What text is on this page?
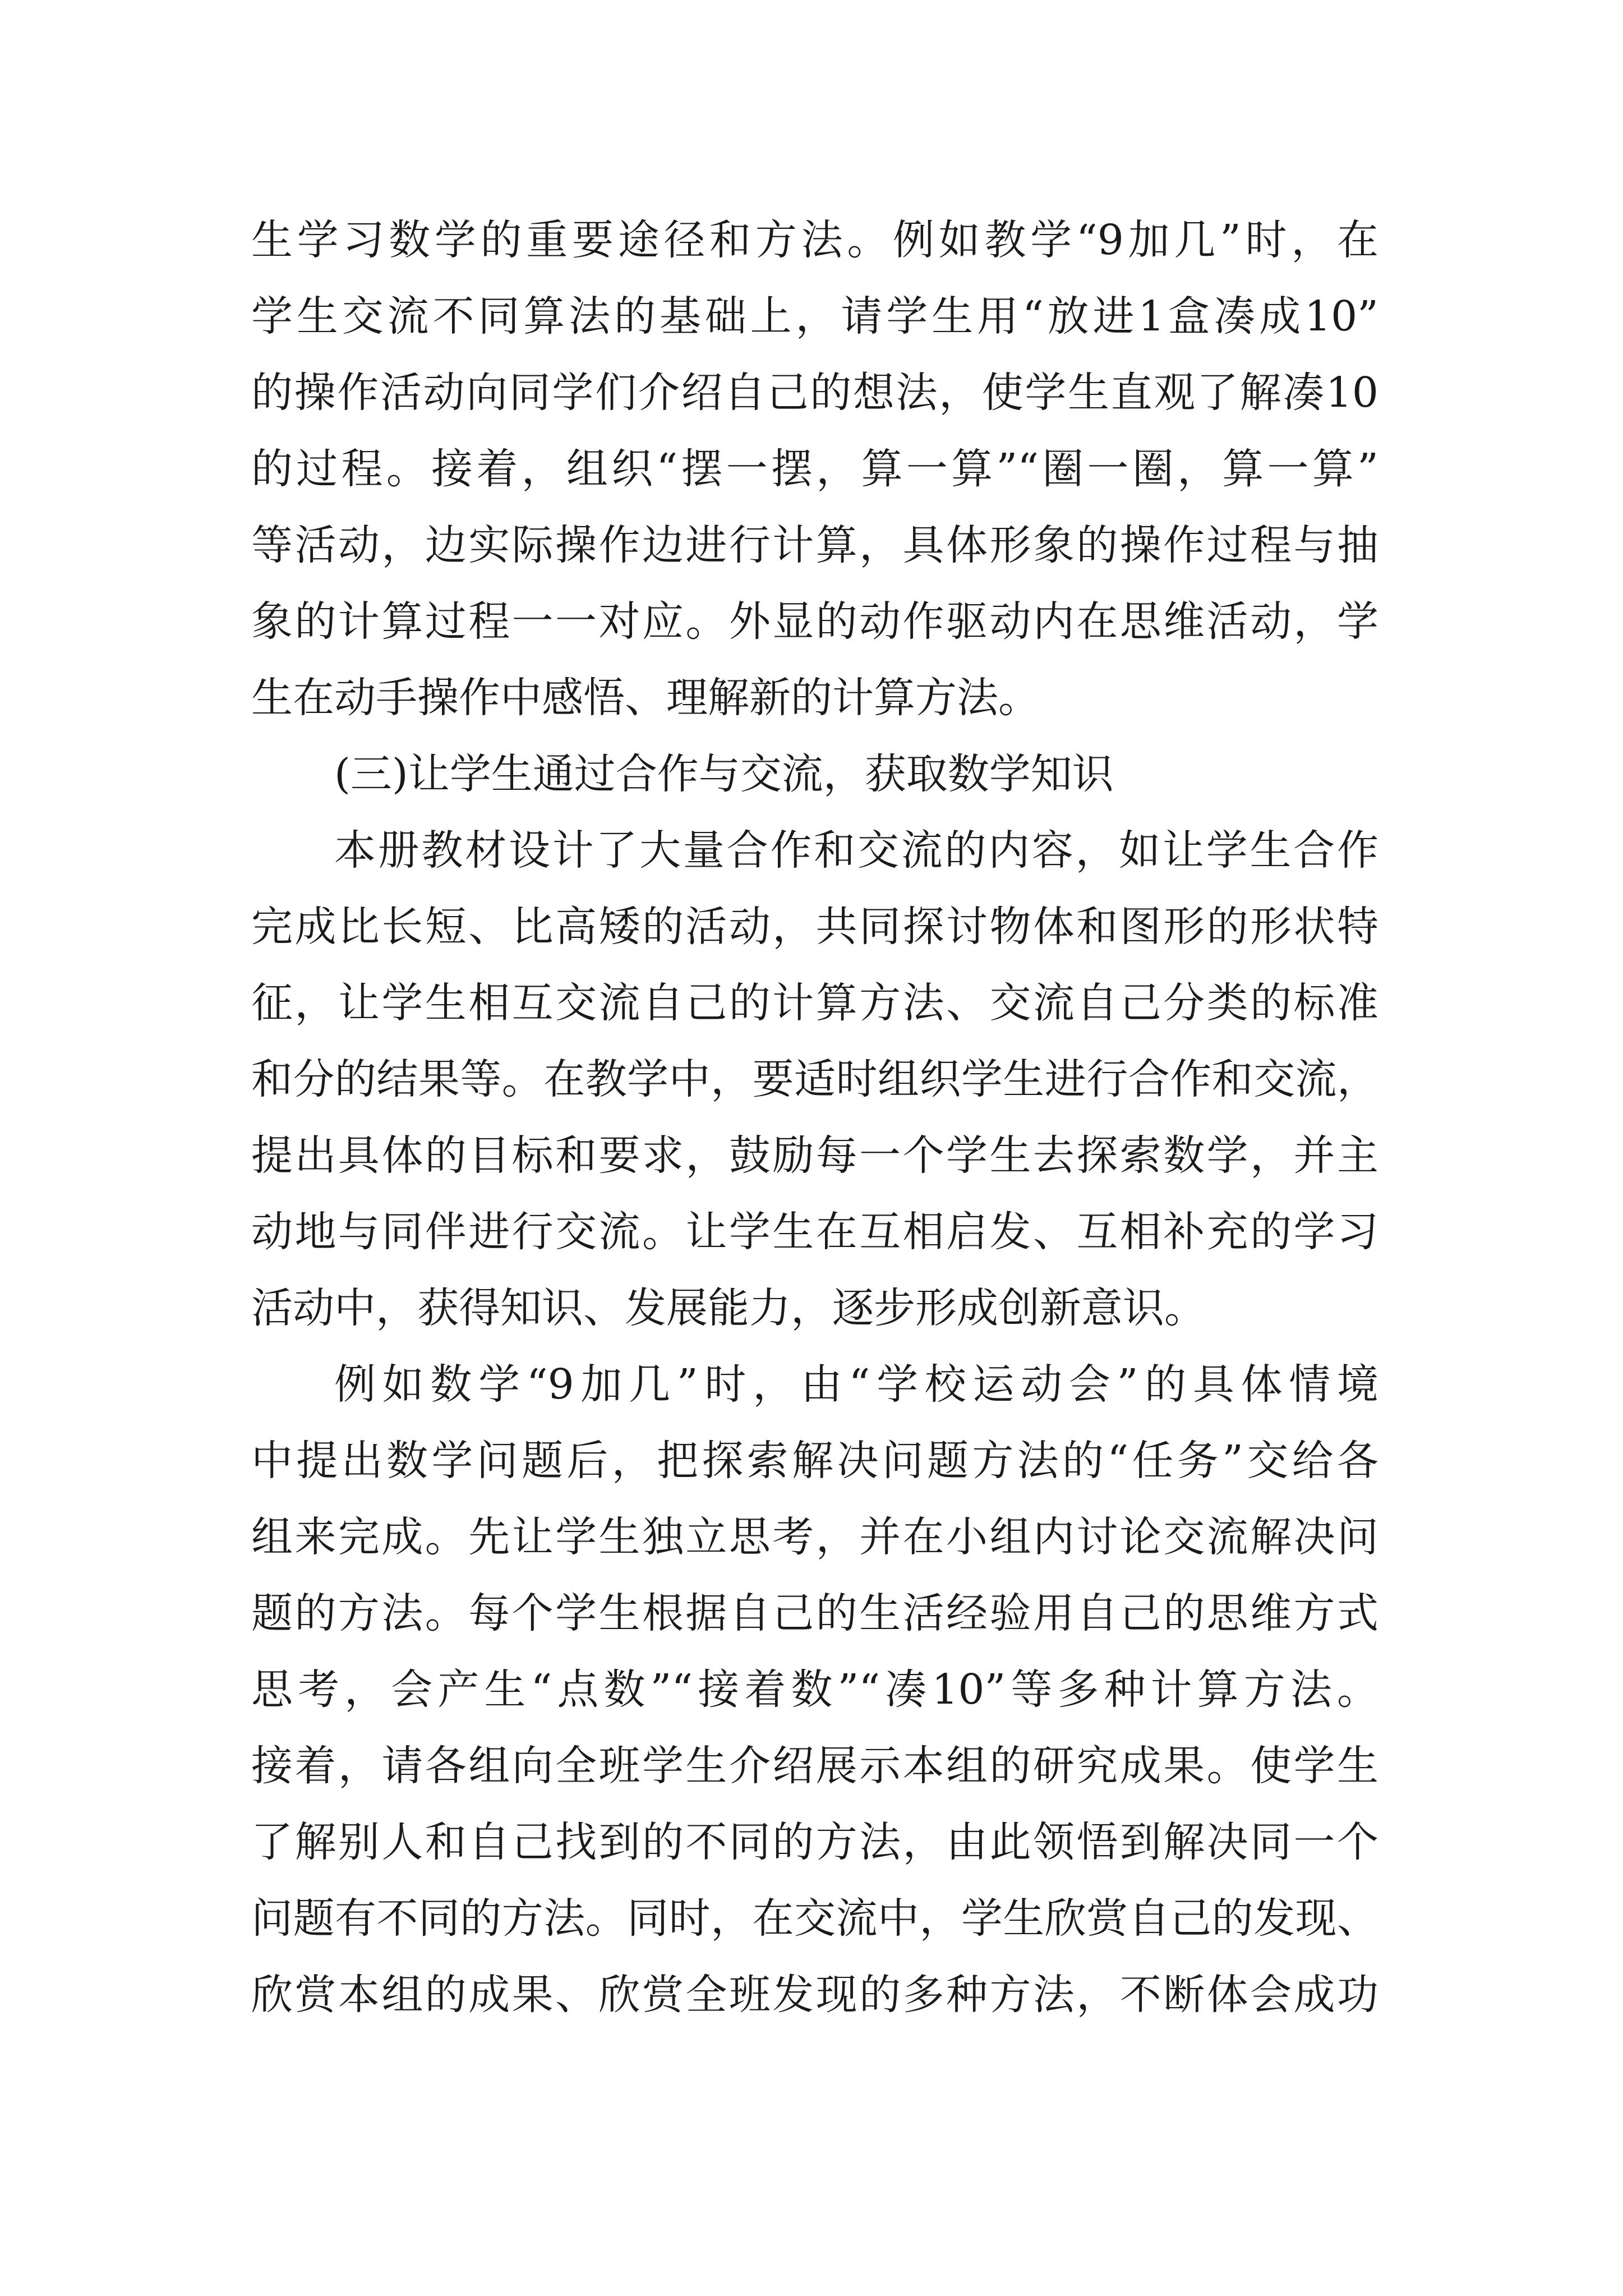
生学习数学的重要途径和方法。例如教学“9加几”时，在
学生交流不同算法的基础上，请学生用“放进1盒凑成10”
的操作活动向同学们介绍自己的想法，使学生直观了解凑10
的过程。接着，组织“摆一摆，算一算”“圈一圈，算一算”
等活动，边实际操作边进行计算，具体形象的操作过程与抽
象的计算过程一一对应。外显的动作驱动内在思维活动，学
生在动手操作中感悟、理解新的计算方法。
(三)让学生通过合作与交流，获取数学知识
本册教材设计了大量合作和交流的内容，如让学生合作
完成比长短、比高矮的活动，共同探讨物体和图形的形状特
征，让学生相互交流自己的计算方法、交流自己分类的标准
和分的结果等。在教学中，要适时组织学生进行合作和交流，
提出具体的目标和要求，鼓励每一个学生去探索数学，并主
动地与同伴进行交流。让学生在互相启发、互相补充的学习
活动中，获得知识、发展能力，逐步形成创新意识。
例如数学“9加几”时，由“学校运动会”的具体情境
中提出数学问题后，把探索解决问题方法的“任务”交给各
组来完成。先让学生独立思考，并在小组内讨论交流解决问
题的方法。每个学生根据自己的生活经验用自己的思维方式
思考，会产生“点数”“接着数”“凑10”等多种计算方法。
接着，请各组向全班学生介绍展示本组的研究成果。使学生
了解别人和自己找到的不同的方法，由此领悟到解决同一个
问题有不同的方法。同时，在交流中，学生欣赏自己的发现、
欣赏本组的成果、欣赏全班发现的多种方法，不断体会成功
